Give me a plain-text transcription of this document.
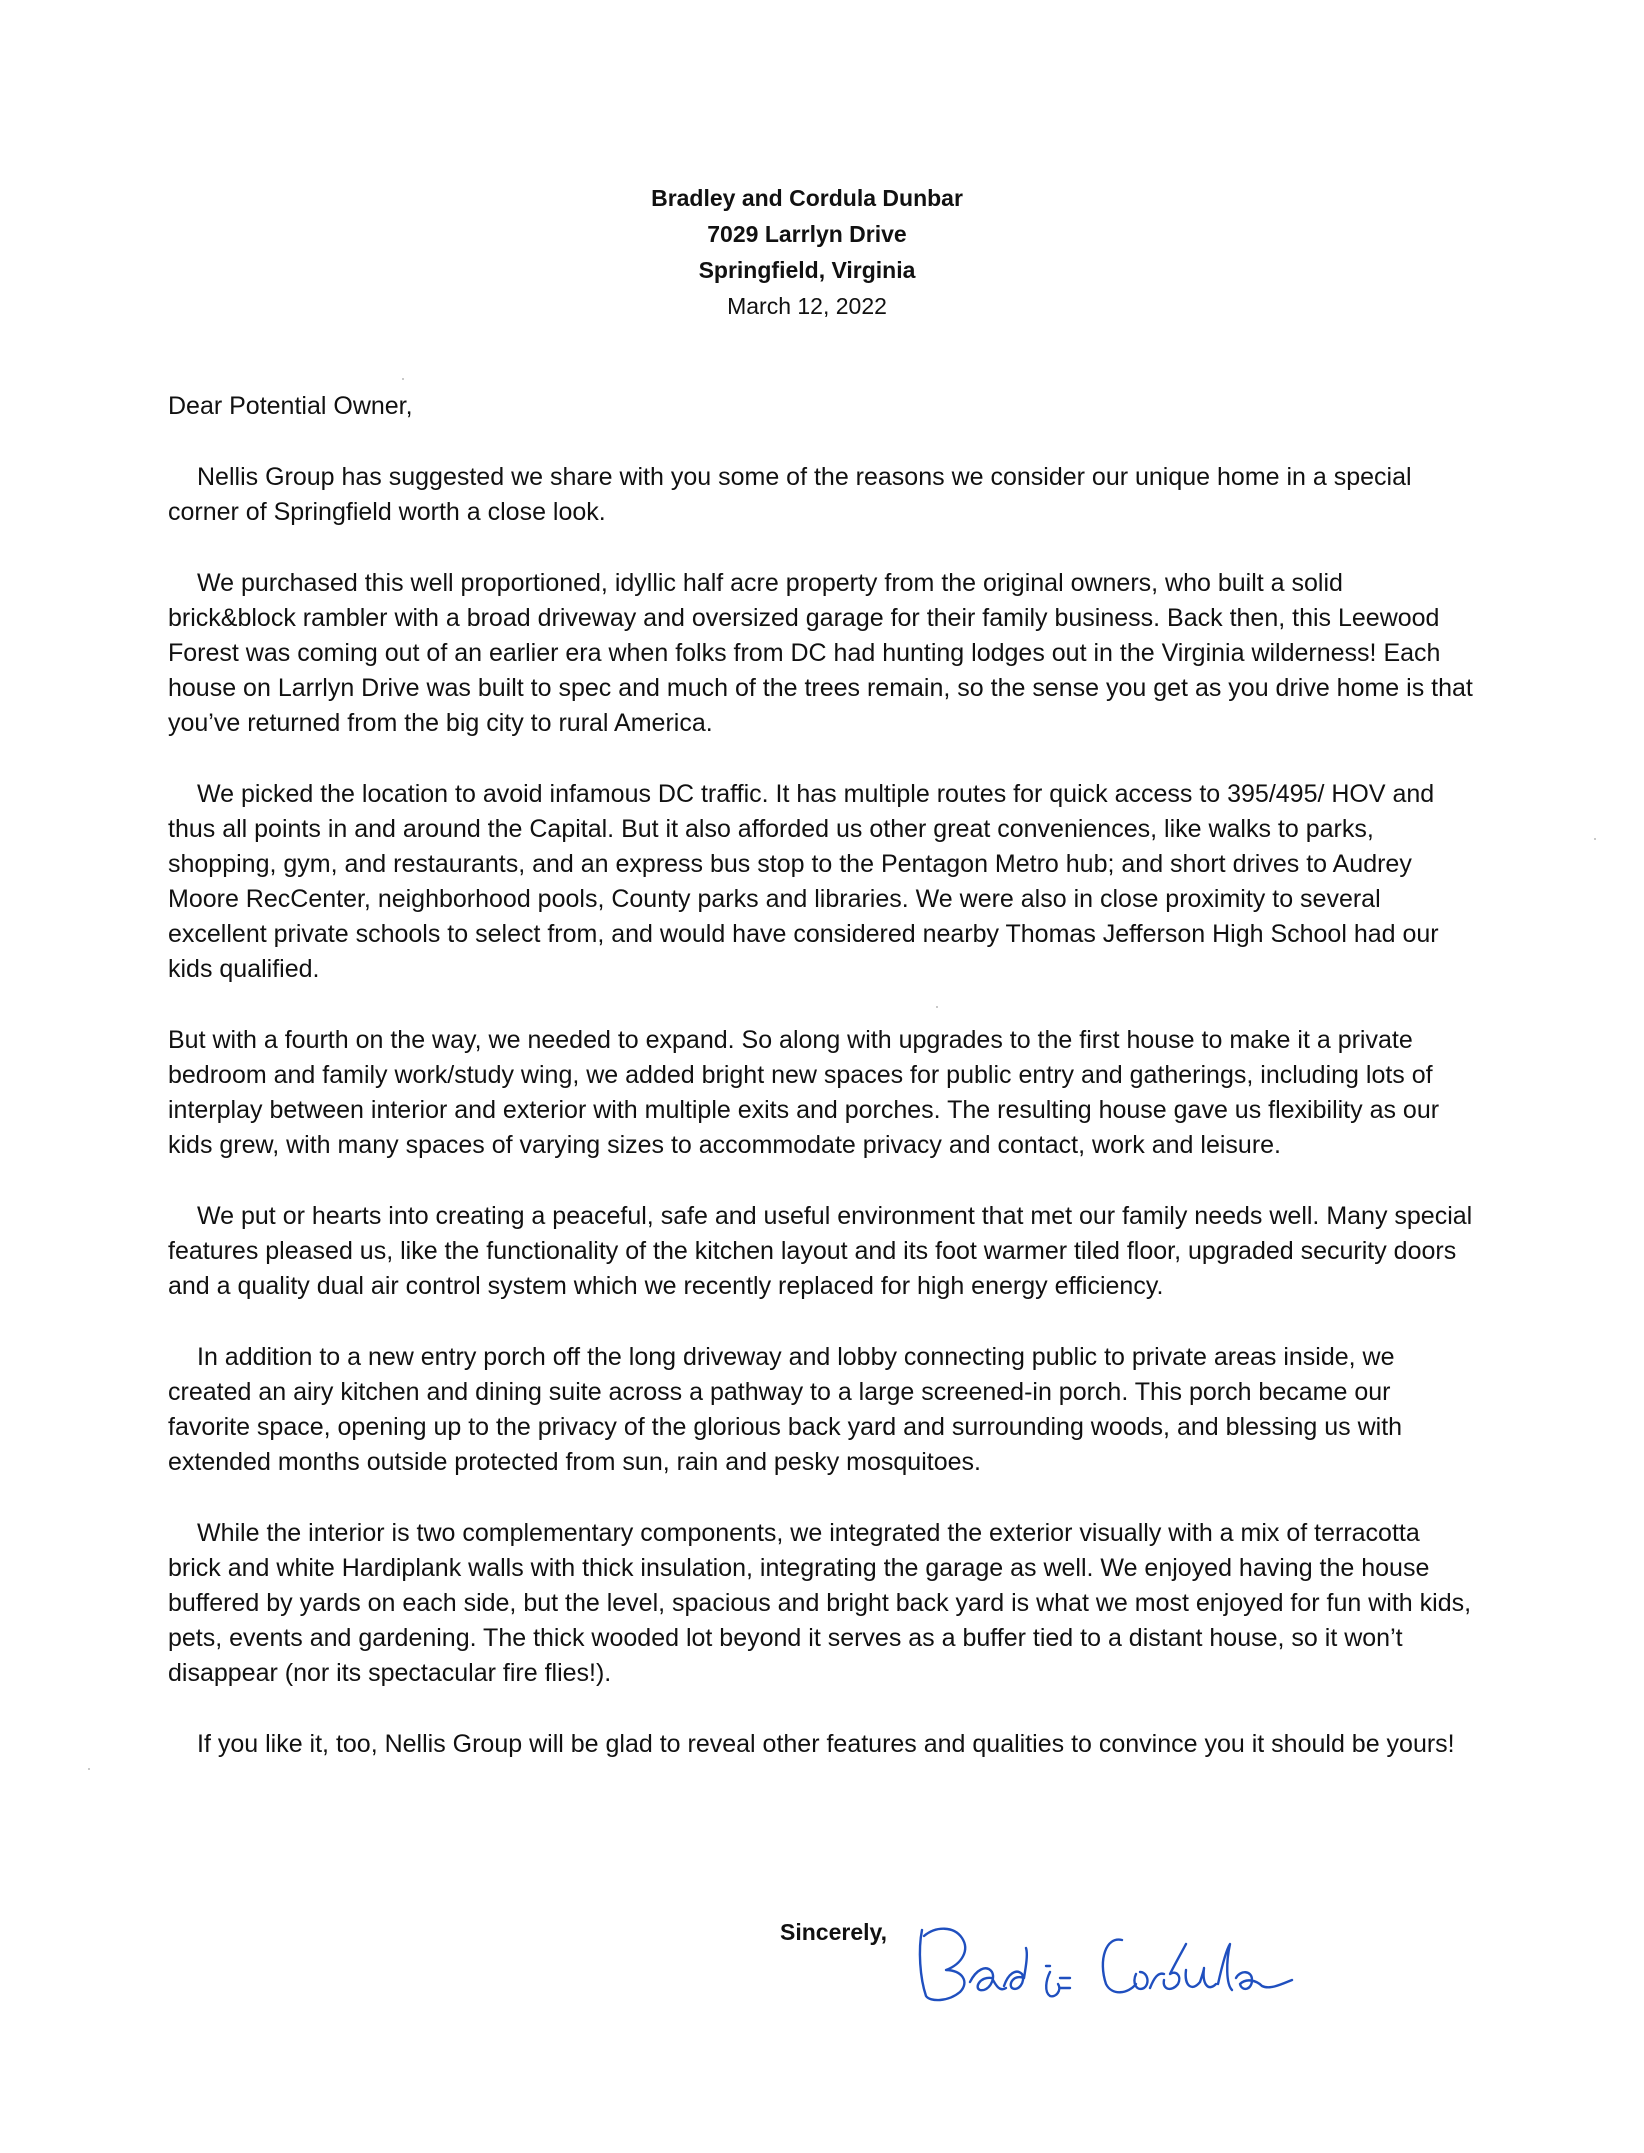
Bradley and Cordula Dunbar
7029 Larrlyn Drive
Springfield, Virginia
March 12, 2022
Dear Potential Owner,

Nellis Group has suggested we share with you some of the reasons we consider our unique home in a special corner of Springfield worth a close look.

We purchased this well proportioned, idyllic half acre property from the original owners, who built a solid brick&block rambler with a broad driveway and oversized garage for their family business. Back then, this Leewood Forest was coming out of an earlier era when folks from DC had hunting lodges out in the Virginia wilderness! Each house on Larrlyn Drive was built to spec and much of the trees remain, so the sense you get as you drive home is that you’ve returned from the big city to rural America.

We picked the location to avoid infamous DC traffic. It has multiple routes for quick access to 395/495/ HOV and thus all points in and around the Capital. But it also afforded us other great conveniences, like walks to parks, shopping, gym, and restaurants, and an express bus stop to the Pentagon Metro hub; and short drives to Audrey Moore RecCenter, neighborhood pools, County parks and libraries. We were also in close proximity to several excellent private schools to select from, and would have considered nearby Thomas Jefferson High School had our kids qualified.

But with a fourth on the way, we needed to expand. So along with upgrades to the first house to make it a private bedroom and family work/study wing, we added bright new spaces for public entry and gatherings, including lots of interplay between interior and exterior with multiple exits and porches. The resulting house gave us flexibility as our kids grew, with many spaces of varying sizes to accommodate privacy and contact, work and leisure.

We put or hearts into creating a peaceful, safe and useful environment that met our family needs well. Many special features pleased us, like the functionality of the kitchen layout and its foot warmer tiled floor, upgraded security doors and a quality dual air control system which we recently replaced for high energy efficiency.

In addition to a new entry porch off the long driveway and lobby connecting public to private areas inside, we created an airy kitchen and dining suite across a pathway to a large screened-in porch. This porch became our favorite space, opening up to the privacy of the glorious back yard and surrounding woods, and blessing us with extended months outside protected from sun, rain and pesky mosquitoes.

While the interior is two complementary components, we integrated the exterior visually with a mix of terracotta brick and white Hardiplank walls with thick insulation, integrating the garage as well. We enjoyed having the house buffered by yards on each side, but the level, spacious and bright back yard is what we most enjoyed for fun with kids, pets, events and gardening. The thick wooded lot beyond it serves as a buffer tied to a distant house, so it won’t disappear (nor its spectacular fire flies!).

If you like it, too, Nellis Group will be glad to reveal other features and qualities to convince you it should be yours!

Sincerely,
